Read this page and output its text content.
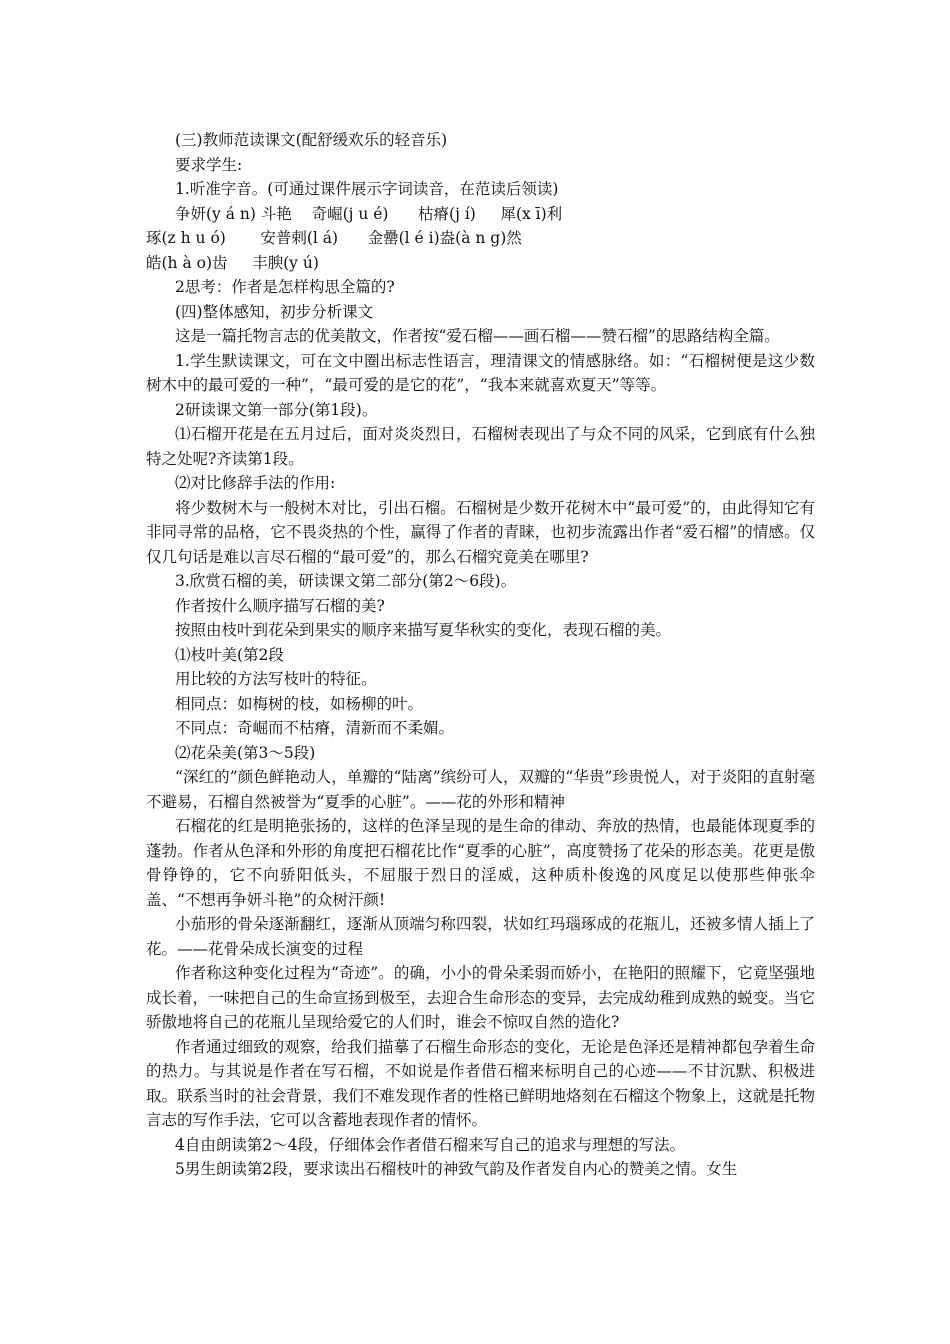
(三)教师范读课文(配舒缓欢乐的轻音乐)

要求学生:

1.听准字音。(可通过课件展示字词读音，在范读后领读)

争妍(y á n) 斗艳    奇崛(j u é)      枯瘠(j í)     犀(x ī)利

琢(z h u ó)       安普剌(l á)      金罍(l é i)盎(à n g)然

皓(h à o)齿     丰腴(y ú)

2思考：作者是怎样构思全篇的?

(四)整体感知，初步分析课文

这是一篇托物言志的优美散文，作者按“爱石榴——画石榴——赞石榴”的思路结构全篇。

1.学生默读课文，可在文中圈出标志性语言，理清课文的情感脉络。如：“石榴树便是这少数树木中的最可爱的一种”，“最可爱的是它的花”，“我本来就喜欢夏天”等等。

2研读课文第一部分(第1段)。

⑴石榴开花是在五月过后，面对炎炎烈日，石榴树表现出了与众不同的风采，它到底有什么独特之处呢?齐读第1段。

⑵对比修辞手法的作用:

将少数树木与一般树木对比，引出石榴。石榴树是少数开花树木中“最可爱”的，由此得知它有非同寻常的品格，它不畏炎热的个性，赢得了作者的青睐，也初步流露出作者“爱石榴”的情感。仅仅几句话是难以言尽石榴的“最可爱”的，那么石榴究竟美在哪里?

3.欣赏石榴的美，研读课文第二部分(第2～6段)。

作者按什么顺序描写石榴的美?

按照由枝叶到花朵到果实的顺序来描写夏华秋实的变化，表现石榴的美。

⑴枝叶美(第2段

用比较的方法写枝叶的特征。

相同点：如梅树的枝，如杨柳的叶。

不同点：奇崛而不枯瘠，清新而不柔媚。

⑵花朵美(第3～5段)

“深红的”颜色鲜艳动人，单瓣的“陆离”缤纷可人，双瓣的“华贵”珍贵悦人，对于炎阳的直射毫不避易，石榴自然被誉为“夏季的心脏”。——花的外形和精神

石榴花的红是明艳张扬的，这样的色泽呈现的是生命的律动、奔放的热情，也最能体现夏季的蓬勃。作者从色泽和外形的角度把石榴花比作“夏季的心脏”，高度赞扬了花朵的形态美。花更是傲骨铮铮的，它不向骄阳低头，不屈服于烈日的淫威，这种质朴俊逸的风度足以使那些伸张伞盖、“不想再争妍斗艳”的众树汗颜!

小茄形的骨朵逐渐翻红，逐渐从顶端匀称四裂，状如红玛瑙琢成的花瓶儿，还被多情人插上了花。——花骨朵成长演变的过程

作者称这种变化过程为“奇迹”。的确，小小的骨朵柔弱而娇小，在艳阳的照耀下，它竟坚强地成长着，一味把自己的生命宣扬到极至，去迎合生命形态的变异，去完成幼稚到成熟的蜕变。当它骄傲地将自己的花瓶儿呈现给爱它的人们时，谁会不惊叹自然的造化?

作者通过细致的观察，给我们描摹了石榴生命形态的变化，无论是色泽还是精神都包孕着生命的热力。与其说是作者在写石榴，不如说是作者借石榴来标明自己的心迹——不甘沉默、积极进取。联系当时的社会背景，我们不难发现作者的性格已鲜明地烙刻在石榴这个物象上，这就是托物言志的写作手法，它可以含蓄地表现作者的情怀。

4自由朗读第2～4段，仔细体会作者借石榴来写自己的追求与理想的写法。

5男生朗读第2段，要求读出石榴枝叶的神致气韵及作者发自内心的赞美之情。女生
